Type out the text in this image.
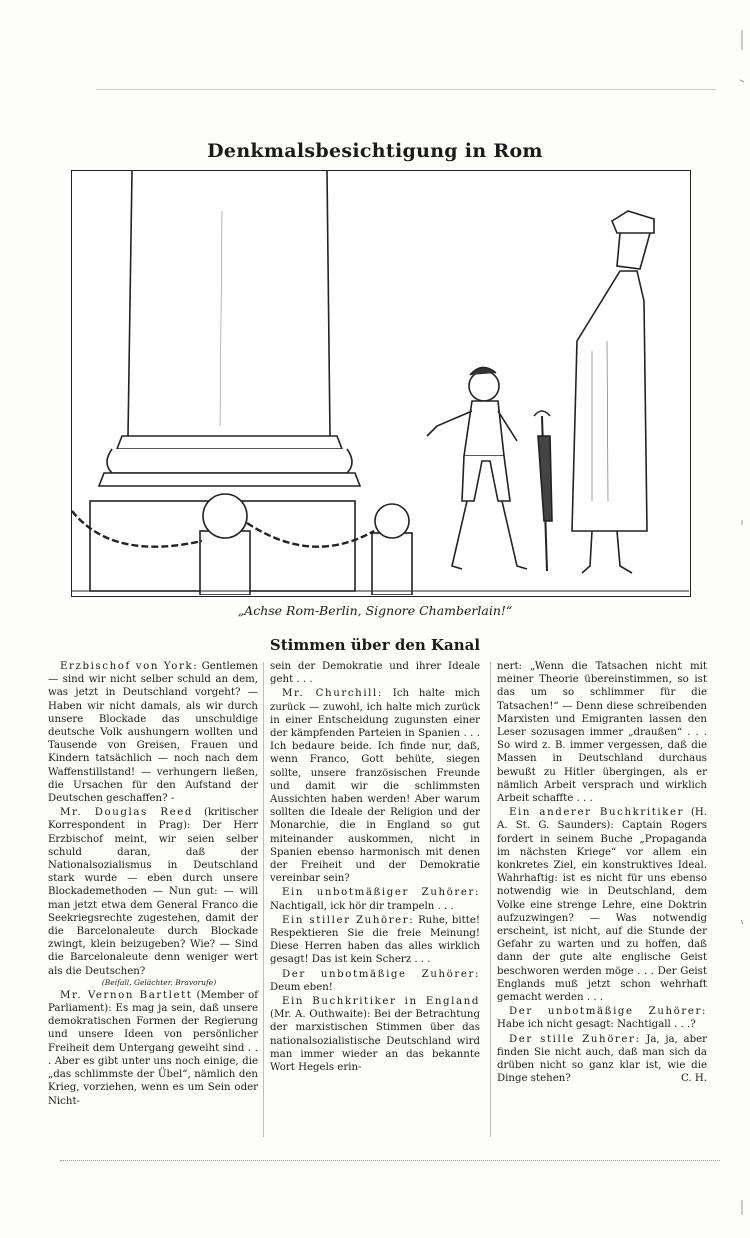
Denkmalsbesichtigung in Rom

„Achse Rom-Berlin, Signore Chamberlain!“

Stimmen über den Kanal

Erzbischof von York: Gentlemen— sind wir nicht selber schuld an dem, was jetzt in Deutschland vorgeht? — Haben wir nicht damals, als wir durch unsere Blockade das unschuldige deutsche Volk aushungern wollten und Tausende von Greisen, Frauen und Kindern tatsächlich — noch nach dem Waffenstillstand! — verhungern ließen, die Ursachen für den Aufstand der Deutschen geschaffen? -

Mr. Douglas Reed (kritischer Korrespondent in Prag): Der Herr Erzbischof meint, wir seien selber schuld daran, daß der Nationalsozialismus in Deutschland stark wurde — eben durch unsere Blockademethoden — Nun gut: — will man jetzt etwa dem General Franco die Seekriegsrechte zugestehen, damit der die Barcelonaleute durch Blockade zwingt, klein beizugeben? Wie? — Sind die Barcelonaleute denn weniger wert als die Deutschen?
(Beifall, Gelächter, Bravorufe)

Mr. Vernon Bartlett (Member of Parliament): Es mag ja sein, daß unsere demokratischen Formen der Regierung und unsere Ideen von persönlicher Freiheit dem Untergang geweiht sind . . . Aber es gibt unter uns noch einige, die „das schlimmste der Übel“, nämlich den Krieg, vorziehen, wenn es um Sein oder Nicht-

sein der Demokratie und ihrer Ideale geht . . .

Mr. Churchill: Ich halte mich zurück — zuwohl, ich halte mich zurück in einer Entscheidung zugunsten einer der kämpfenden Parteien in Spanien . . . Ich bedaure beide. Ich finde nur, daß, wenn Franco, Gott behüte, siegen sollte, unsere französischen Freunde und damit wir die schlimmsten Aussichten haben werden! Aber warum sollten die Ideale der Religion und der Monarchie, die in England so gut miteinander auskommen, nicht in Spanien ebenso harmonisch mit denen der Freiheit und der Demokratie vereinbar sein?

Ein unbotmäßiger Zuhörer: Nachtigall, ick hör dir trampeln . . .

Ein stiller Zuhörer: Ruhe, bitte! Respektieren Sie die freie Meinung! Diese Herren haben das alles wirklich gesagt! Das ist kein Scherz . . .

Der unbotmäßige Zuhörer: Deum eben!

Ein Buchkritiker in England (Mr. A. Outhwaite): Bei der Betrachtung der marxistischen Stimmen über das nationalsozialistische Deutschland wird man immer wieder an das bekannte Wort Hegels erin-

nert: „Wenn die Tatsachen nicht mit meiner Theorie übereinstimmen, so ist das um so schlimmer für die Tatsachen!“ — Denn diese schreibenden Marxisten und Emigranten lassen den Leser sozusagen immer „draußen“ . . . So wird z. B. immer vergessen, daß die Massen in Deutschland durchaus bewußt zu Hitler übergingen, als er nämlich Arbeit versprach und wirklich Arbeit schaffte . . .

Ein anderer Buchkritiker (H. A. St. G. Saunders): Captain Rogers fordert in seinem Buche „Propaganda im nächsten Kriege“ vor allem ein konkretes Ziel, ein konstruktives Ideal. Wahrhaftig: ist es nicht für uns ebenso notwendig wie in Deutschland, dem Volke eine strenge Lehre, eine Doktrin aufzuzwingen? — Was notwendig erscheint, ist nicht, auf die Stunde der Gefahr zu warten und zu hoffen, daß dann der gute alte englische Geist beschworen werden möge . . . Der Geist Englands muß jetzt schon wehrhaft gemacht werden . . .

Der unbotmäßige Zuhörer: Habe ich nicht gesagt: Nachtigall . . .?

Der stille Zuhörer: Ja, ja, aber finden Sie nicht auch, daß man sich da drüben nicht so ganz klar ist, wie die Dinge stehen?	C. H.
